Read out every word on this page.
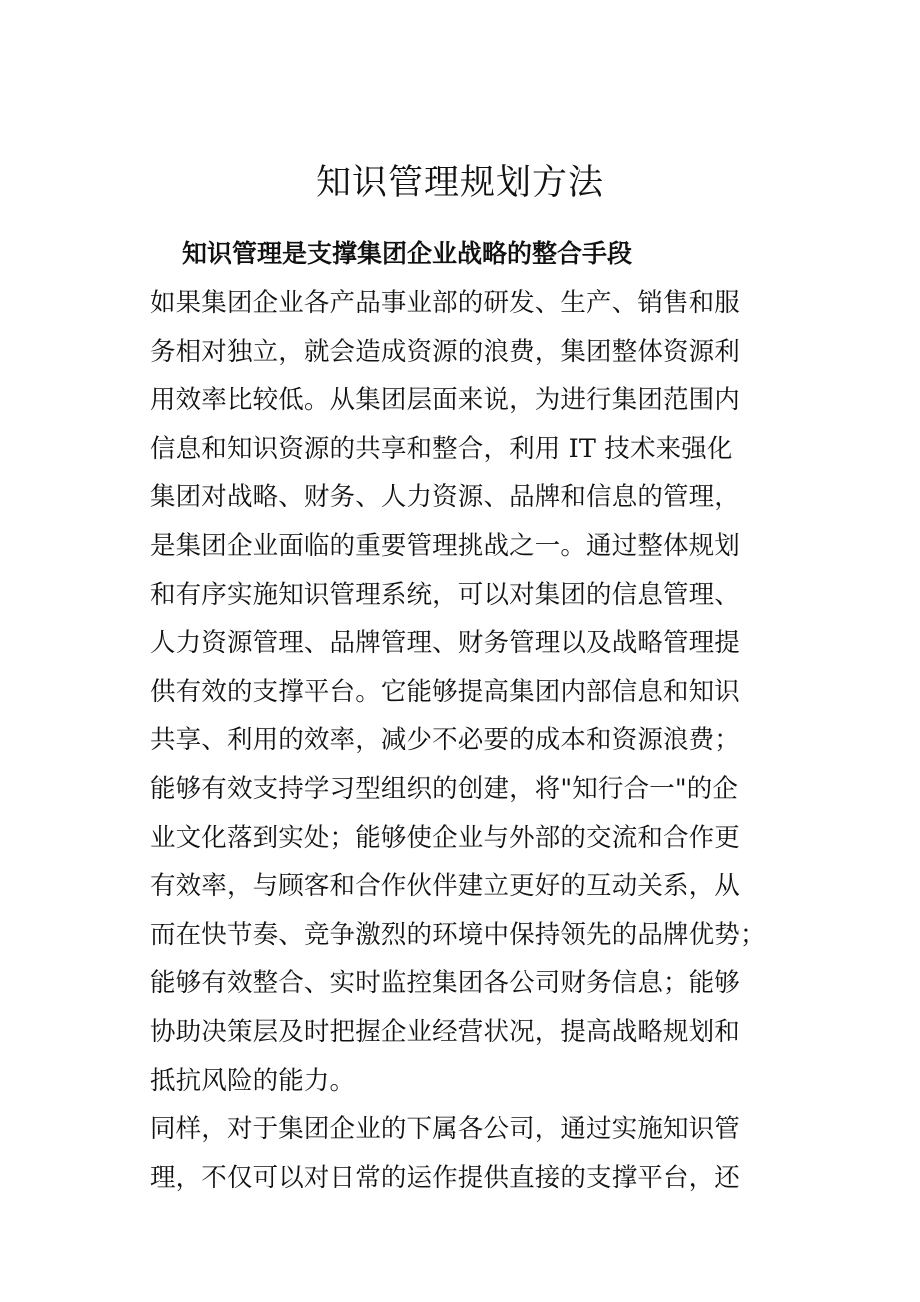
知识管理规划方法
知识管理是支撑集团企业战略的整合手段
如果集团企业各产品事业部的研发、生产、销售和服
务相对独立，就会造成资源的浪费，集团整体资源利
用效率比较低。从集团层面来说，为进行集团范围内
信息和知识资源的共享和整合，利用 IT 技术来强化
集团对战略、财务、人力资源、品牌和信息的管理，
是集团企业面临的重要管理挑战之一。通过整体规划
和有序实施知识管理系统，可以对集团的信息管理、
人力资源管理、品牌管理、财务管理以及战略管理提
供有效的支撑平台。它能够提高集团内部信息和知识
共享、利用的效率，减少不必要的成本和资源浪费；
能够有效支持学习型组织的创建，将"知行合一"的企
业文化落到实处；能够使企业与外部的交流和合作更
有效率，与顾客和合作伙伴建立更好的互动关系，从
而在快节奏、竞争激烈的环境中保持领先的品牌优势；
能够有效整合、实时监控集团各公司财务信息；能够
协助决策层及时把握企业经营状况，提高战略规划和
抵抗风险的能力。
同样，对于集团企业的下属各公司，通过实施知识管
理，不仅可以对日常的运作提供直接的支撑平台，还
